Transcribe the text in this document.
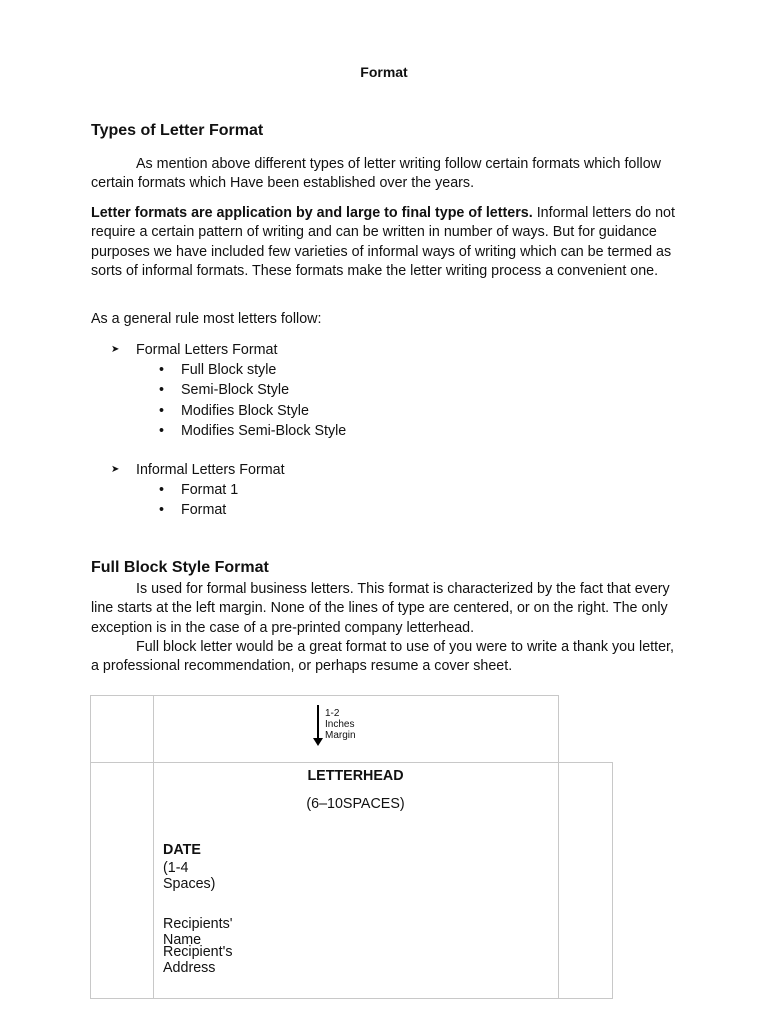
Format
Types of Letter Format
As mention above different types of letter writing follow certain formats which follow certain formats which Have been established over the years.
Letter formats are application by and large to final type of letters. Informal letters do not require a certain pattern of writing and can be written in number of ways. But for guidance purposes we have included few varieties of informal ways of writing which can be termed as sorts of informal formats. These formats make the letter writing process a convenient one.
As a general rule most letters follow:
➤ Formal Letters Format
• Full Block style
• Semi-Block Style
• Modifies Block Style
• Modifies Semi-Block Style
➤ Informal Letters Format
• Format 1
• Format
Full Block Style Format
Is used for formal business letters. This format is characterized by the fact that every line starts at the left margin. None of the lines of type are centered, or on the right. The only exception is in the case of a pre-printed company letterhead.
Full block letter would be a great format to use of you were to write a thank you letter, a professional recommendation, or perhaps resume a cover sheet.
1-2 Inches Margin
LETTERHEAD
(6–10SPACES)
DATE
(1-4 Spaces)
Recipients' Name
Recipient's Address
